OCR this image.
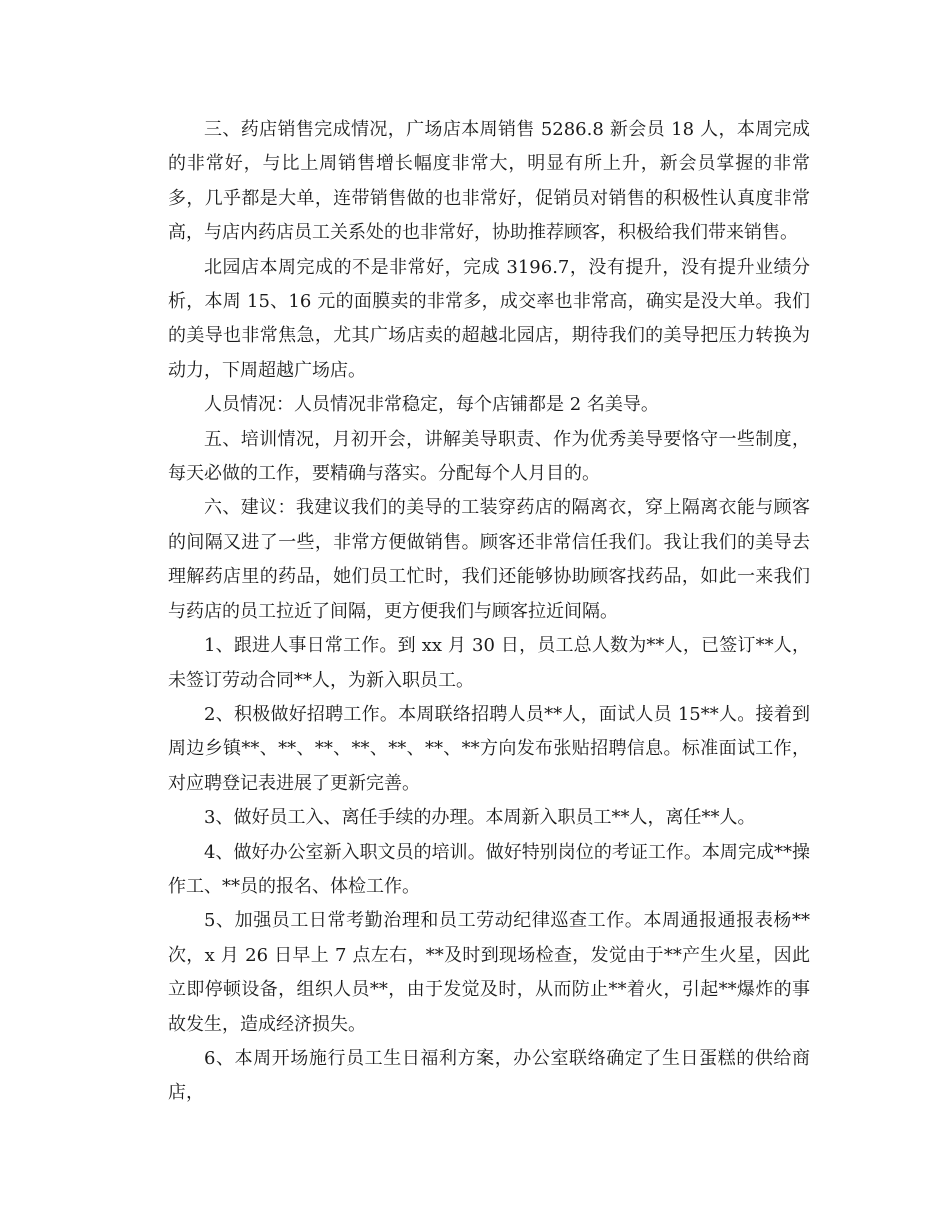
三、药店销售完成情况，广场店本周销售 5286.8 新会员 18 人，本周完成的非常好，与比上周销售增长幅度非常大，明显有所上升，新会员掌握的非常多，几乎都是大单，连带销售做的也非常好，促销员对销售的积极性认真度非常高，与店内药店员工关系处的也非常好，协助推荐顾客，积极给我们带来销售。

北园店本周完成的不是非常好，完成 3196.7，没有提升，没有提升业绩分析，本周 15、16 元的面膜卖的非常多，成交率也非常高，确实是没大单。我们的美导也非常焦急，尤其广场店卖的超越北园店，期待我们的美导把压力转换为动力，下周超越广场店。

人员情况：人员情况非常稳定，每个店铺都是 2 名美导。

五、培训情况，月初开会，讲解美导职责、作为优秀美导要恪守一些制度，每天必做的工作，要精确与落实。分配每个人月目的。

六、建议：我建议我们的美导的工装穿药店的隔离衣，穿上隔离衣能与顾客的间隔又进了一些，非常方便做销售。顾客还非常信任我们。我让我们的美导去理解药店里的药品，她们员工忙时，我们还能够协助顾客找药品，如此一来我们与药店的员工拉近了间隔，更方便我们与顾客拉近间隔。

1、跟进人事日常工作。到 xx 月 30 日，员工总人数为**人，已签订**人，未签订劳动合同**人，为新入职员工。

2、积极做好招聘工作。本周联络招聘人员**人，面试人员 15**人。接着到周边乡镇**、**、**、**、**、**、**方向发布张贴招聘信息。标准面试工作，对应聘登记表进展了更新完善。

3、做好员工入、离任手续的办理。本周新入职员工**人，离任**人。

4、做好办公室新入职文员的培训。做好特别岗位的考证工作。本周完成**操作工、**员的报名、体检工作。

5、加强员工日常考勤治理和员工劳动纪律巡查工作。本周通报通报表杨**次，x 月 26 日早上 7 点左右，**及时到现场检查，发觉由于**产生火星，因此立即停顿设备，组织人员**，由于发觉及时，从而防止**着火，引起**爆炸的事故发生，造成经济损失。

6、本周开场施行员工生日福利方案，办公室联络确定了生日蛋糕的供给商店，
